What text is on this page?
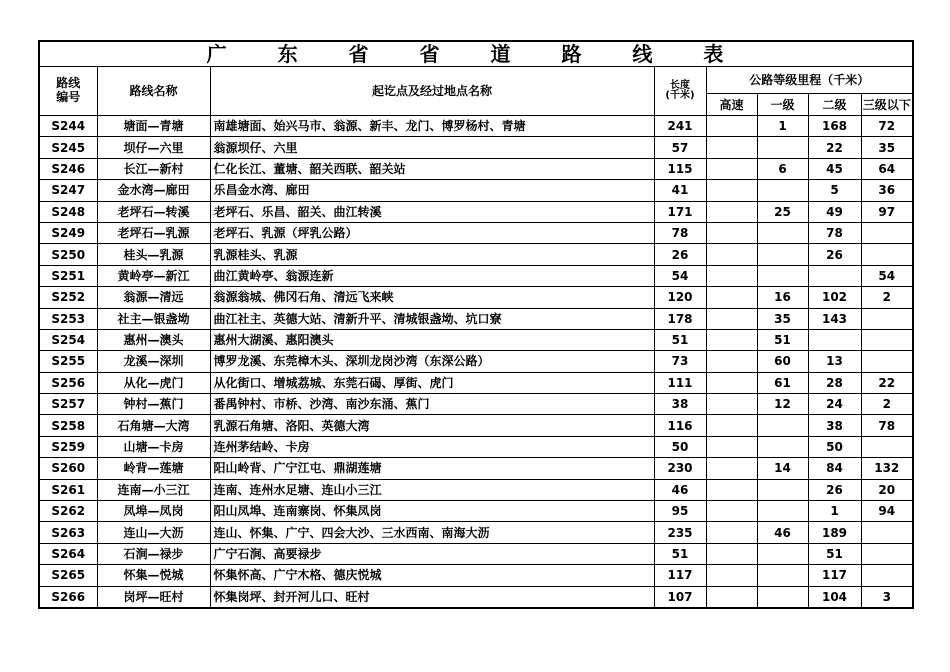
广 东 省 省 道 路 线 表							
路线
编号	路线名称	起讫点及经过地点名称	长度
(千米)	公路等级里程（千米）			
				高速	一级	二级	三级以下
S244	塘面—青塘	南雄塘面、始兴马市、翁源、新丰、龙门、博罗杨村、青塘	241		1	168	72
S245	坝仔—六里	翁源坝仔、六里	57			22	35
S246	长江—新村	仁化长江、董塘、韶关西联、韶关站	115		6	45	64
S247	金水湾—廊田	乐昌金水湾、廊田	41			5	36
S248	老坪石—转溪	老坪石、乐昌、韶关、曲江转溪	171		25	49	97
S249	老坪石—乳源	老坪石、乳源（坪乳公路）	78			78	
S250	桂头—乳源	乳源桂头、乳源	26			26	
S251	黄岭亭—新江	曲江黄岭亭、翁源连新	54				54
S252	翁源—清远	翁源翁城、佛冈石角、清远飞来峡	120		16	102	2
S253	社主—银盏坳	曲江社主、英德大站、清新升平、清城银盏坳、坑口寮	178		35	143	
S254	惠州—澳头	惠州大湖溪、惠阳澳头	51		51		
S255	龙溪—深圳	博罗龙溪、东莞樟木头、深圳龙岗沙湾（东深公路）	73		60	13	
S256	从化—虎门	从化街口、增城荔城、东莞石碣、厚街、虎门	111		61	28	22
S257	钟村—蕉门	番禺钟村、市桥、沙湾、南沙东涌、蕉门	38		12	24	2
S258	石角塘—大湾	乳源石角塘、洛阳、英德大湾	116			38	78
S259	山塘—卡房	连州茅结岭、卡房	50			50	
S260	岭背—莲塘	阳山岭背、广宁江屯、鼎湖莲塘	230		14	84	132
S261	连南—小三江	连南、连州水足塘、连山小三江	46			26	20
S262	凤埠—凤岗	阳山凤埠、连南寨岗、怀集凤岗	95			1	94
S263	连山—大沥	连山、怀集、广宁、四会大沙、三水西南、南海大沥	235		46	189	
S264	石涧—禄步	广宁石涧、高要禄步	51			51	
S265	怀集—悦城	怀集怀高、广宁木格、德庆悦城	117			117	
S266	岗坪—旺村	怀集岗坪、封开河儿口、旺村	107			104	3
